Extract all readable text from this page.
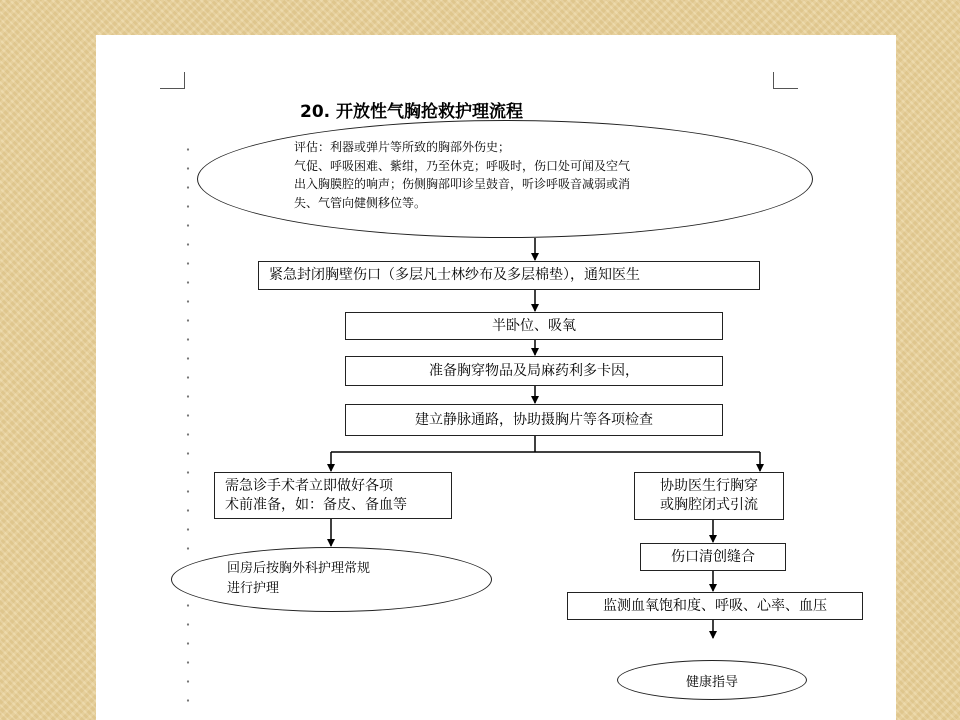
20. 开放性气胸抢救护理流程
评估：利器或弹片等所致的胸部外伤史；
气促、呼吸困难、紫绀，乃至休克；呼吸时，伤口处可闻及空气
出入胸膜腔的响声；伤侧胸部叩诊呈鼓音，听诊呼吸音减弱或消
失、气管向健侧移位等。
紧急封闭胸壁伤口（多层凡士林纱布及多层棉垫），通知医生
半卧位、吸氧
准备胸穿物品及局麻药利多卡因，
建立静脉通路，协助摄胸片等各项检查
需急诊手术者立即做好各项
术前准备，如：备皮、备血等
协助医生行胸穿
或胸腔闭式引流
回房后按胸外科护理常规
进行护理
伤口清创缝合
监测血氧饱和度、呼吸、心率、血压
健康指导
